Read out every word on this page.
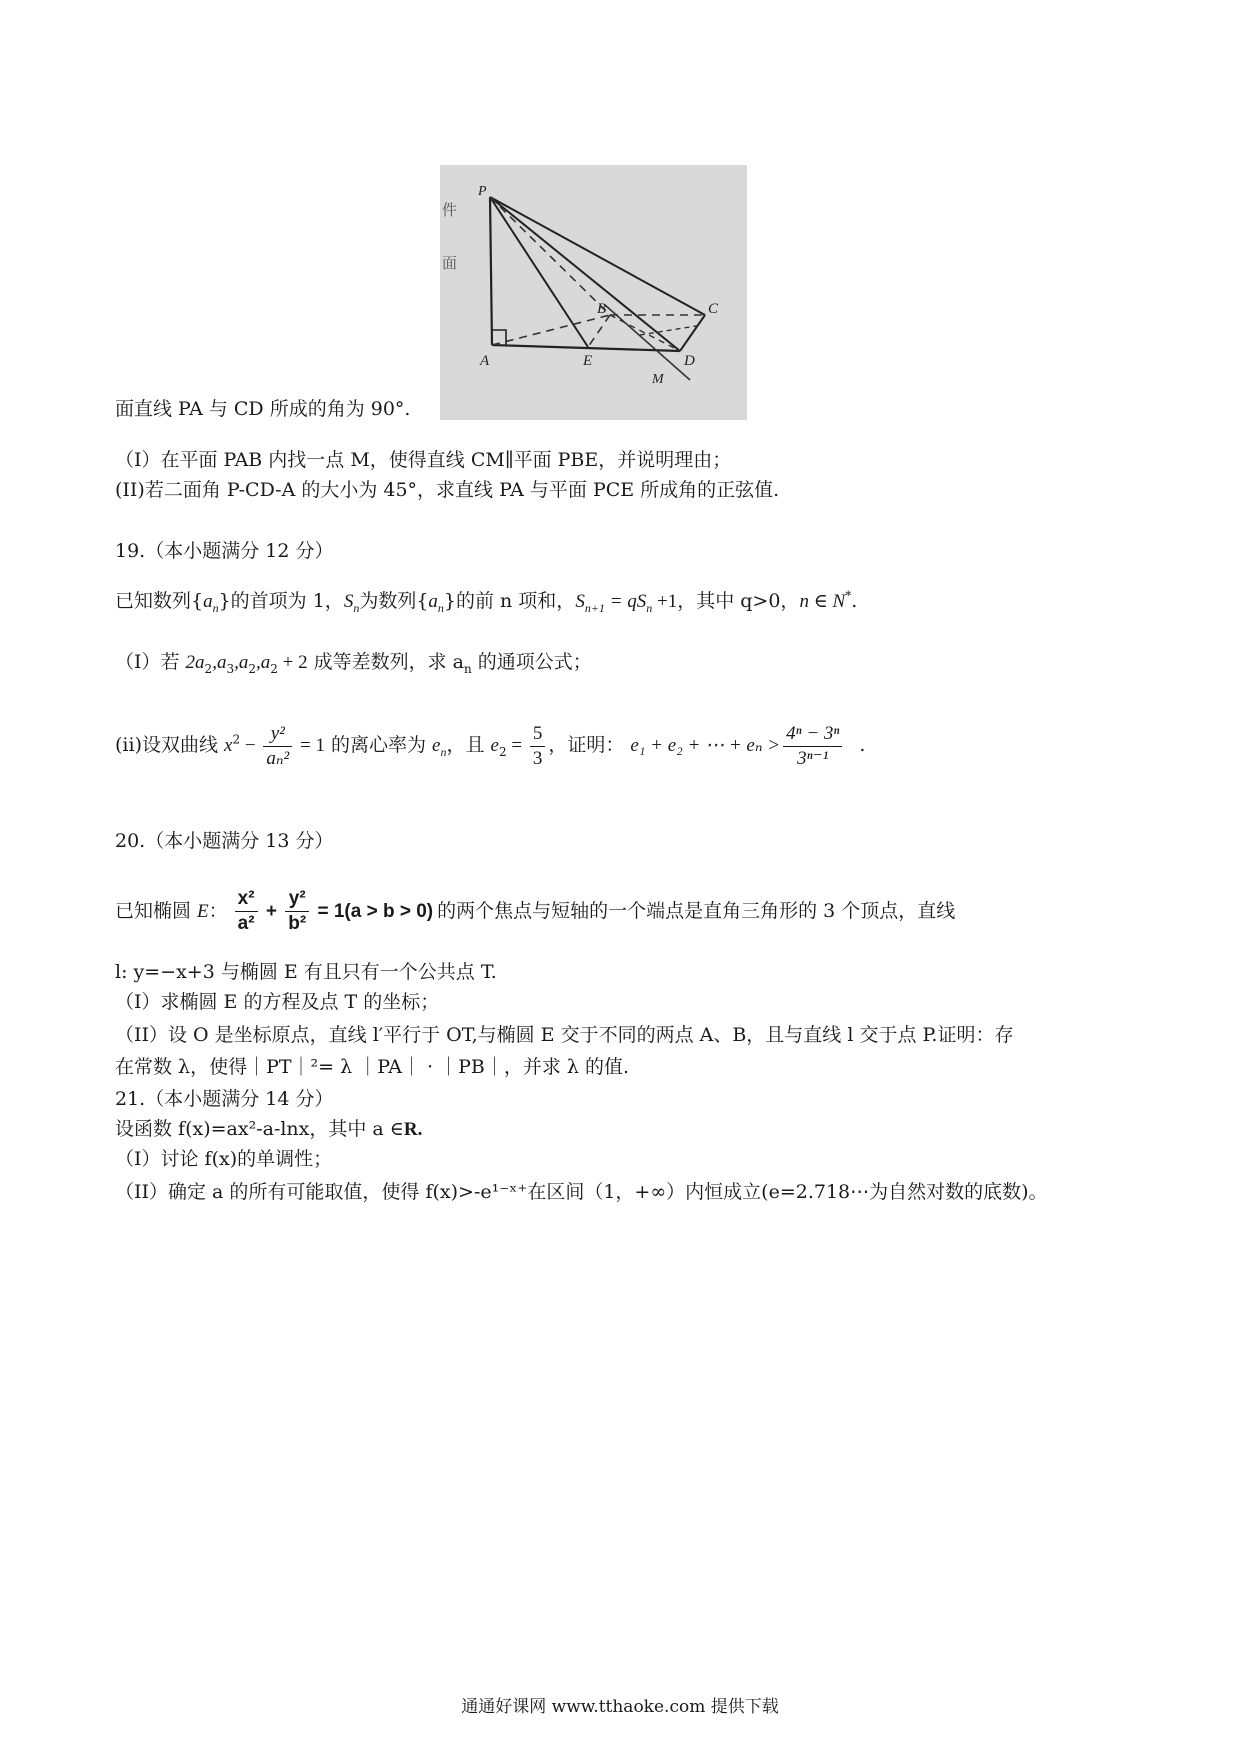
P
A	E
B	C
D
M
件
面
面直线 PA 与 CD 所成的角为 90°.
（I）在平面 PAB 内找一点 M，使得直线 CM∥平面 PBE，并说明理由；
(II)若二面角 P-CD-A 的大小为 45°，求直线 PA 与平面 PCE 所成角的正弦值.
19.（本小题满分 12 分）
已知数列$\{a_n\}$的首项为 1，$S_n$为数列$\{a_n\}$的前 n 项和，$S_{n+1} = qS_n +1$，其中 q>0，n ∈ N*.
（I）若 $2a_2,a_3,a_2,a_2 + 2$ 成等差数列，求 $a_n$ 的通项公式；
(ii)设双曲线 $x^2 - \frac{\text{y²}}{\text{aₙ²}} = 1$ 的离心率为 $e_n$，且 $e_2 = \frac{5}{3}$ ，证明： e₁ + e₂ + ⋯ + $e_n > \frac{\text{4ⁿ − 3ⁿ}}{\text{3ⁿ⁻¹}}$ .
20.（本小题满分 13 分）
已知椭圆 E： $\frac{\text{x²}}{\text{a²}} + \frac{\text{y²}}{\text{b²}} = 1(a > b > 0)$ 的两个焦点与短轴的一个端点是直角三角形的 3 个顶点，直线
l: y=−x+3 与椭圆 E 有且只有一个公共点 T.
（I）求椭圆 E 的方程及点 T 的坐标；
（II）设 O 是坐标原点，直线 l′平行于 OT,与椭圆 E 交于不同的两点 A、B，且与直线 l 交于点 P.证明：存
在常数 λ，使得｜PT｜²= λ ｜PA｜ · ｜PB｜，并求 λ 的值.
21.（本小题满分 14 分）
设函数 f(x)=ax²-a-lnx，其中 a ∈R.
（I）讨论 f(x)的单调性；
（II）确定 a 的所有可能取值，使得 f(x)>-e¹⁻ˣ⁺在区间（1，+∞）内恒成立(e=2.718⋯为自然对数的底数)。
通通好课网 www.tthaoke.com 提供下载
